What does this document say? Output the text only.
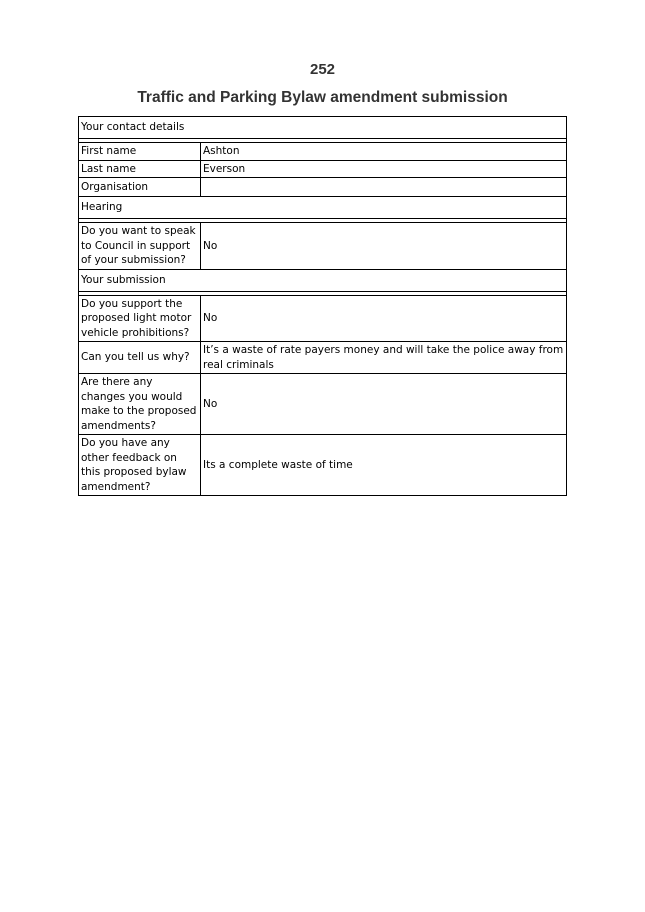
252
Traffic and Parking Bylaw amendment submission
Your contact details	

First name	Ashton
Last name	Everson
Organisation	
Hearing	

Do you want to speak to Council in support of your submission?	No
Your submission	

Do you support the proposed light motor vehicle prohibitions?	No
Can you tell us why?	It’s a waste of rate payers money and will take the police away from real criminals
Are there any changes you would make to the proposed amendments?	No
Do you have any other feedback on this proposed bylaw amendment?	Its a complete waste of time
